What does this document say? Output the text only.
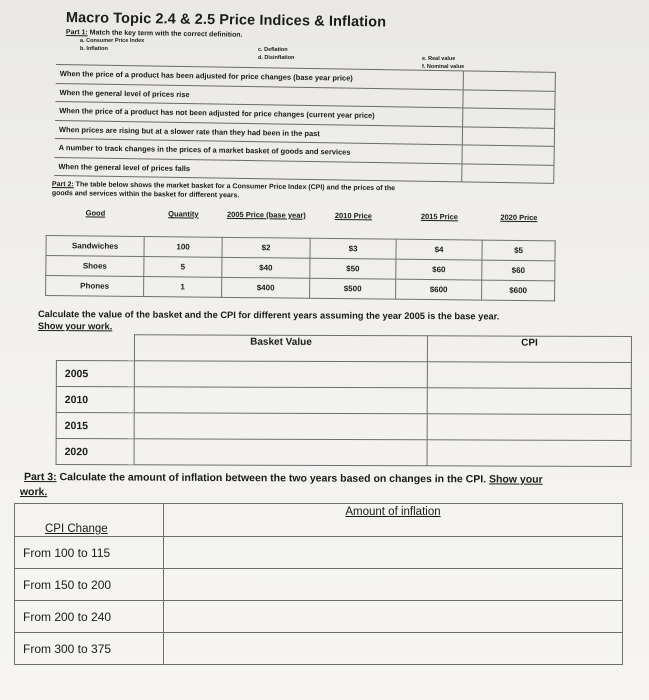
Macro Topic 2.4 & 2.5 Price Indices & Inflation
Part 1: Match the key term with the correct definition.
a. Consumer Price Index
b. Inflation	c. Deflation
d. Disinflation	e. Real value
f. Nominal value
When the price of a product has been adjusted for price changes (base year price)
When the general level of prices rise
When the price of a product has not been adjusted for price changes (current year price)
When prices are rising but at a slower rate than they had been in the past
A number to track changes in the prices of a market basket of goods and services
When the general level of prices falls
Part 2: The table below shows the market basket for a Consumer Price Index (CPI) and the prices of the
goods and services within the basket for different years.
Good	Quantity	2005 Price (base year)	2010 Price	2015 Price	2020 Price
Sandwiches	100	$2	$3	$4	$5
Shoes	5	$40	$50	$60	$60
Phones	1	$400	$500	$600	$600
Calculate the value of the basket and the CPI for different years assuming the year 2005 is the base year.
Show your work.
	Basket Value	CPI
2005		
2010		
2015		
2020		
Part 3: Calculate the amount of inflation between the two years based on changes in the CPI. Show your
work.
CPI Change	Amount of inflation
From 100 to 115	
From 150 to 200	
From 200 to 240	
From 300 to 375	
